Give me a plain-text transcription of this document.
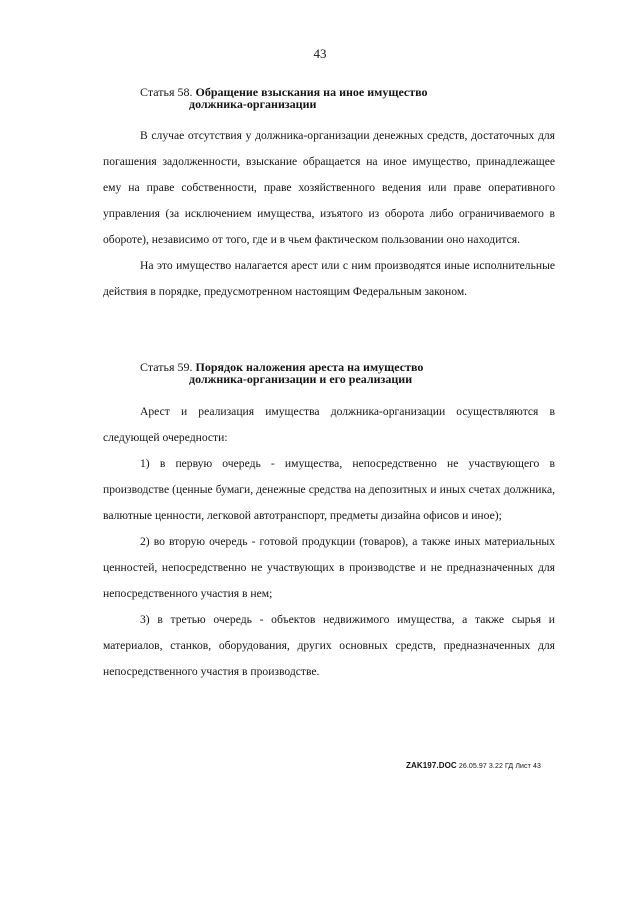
43
Статья 58. Обращение взыскания на иное имущество
должника-организации

В случае отсутствия у должника-организации денежных средств, достаточных для погашения задолженности, взыскание обращается на иное имущество, принадлежащее ему на праве собственности, праве хозяйственного ведения или праве оперативного управления (за исключением имущества, изъятого из оборота либо ограничиваемого в обороте), независимо от того, где и в чьем фактическом пользовании оно находится.

На это имущество налагается арест или с ним производятся иные исполнительные действия в порядке, предусмотренном настоящим Федеральным законом.

Статья 59. Порядок наложения ареста на имущество
должника-организации и его реализации

Арест и реализация имущества должника-организации осуществляются в следующей очередности:

1) в первую очередь - имущества, непосредственно не участвующего в производстве (ценные бумаги, денежные средства на депозитных и иных счетах должника, валютные ценности, легковой автотранспорт, предметы дизайна офисов и иное);

2) во вторую очередь - готовой продукции (товаров), а также иных материальных ценностей, непосредственно не участвующих в производстве и не предназначенных для непосредственного участия в нем;

3) в третью очередь - объектов недвижимого имущества, а также сырья и материалов, станков, оборудования, других основных средств, предназначенных для непосредственного участия в производстве.

ZAK197.DOC 26.05.97 3.22 ГД Лист 43
